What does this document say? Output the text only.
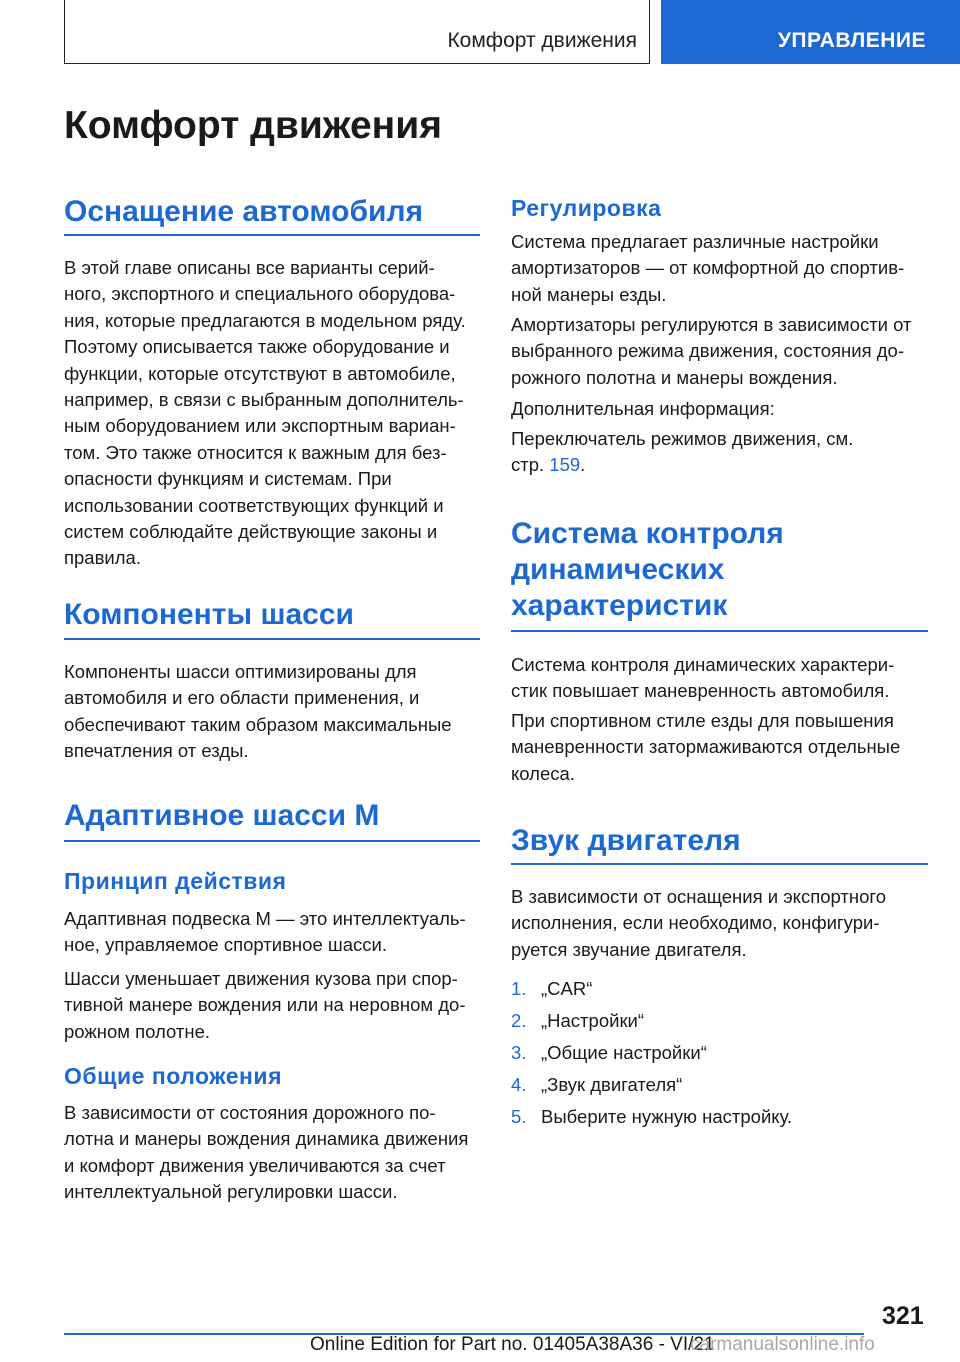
Комфорт движения	УПРАВЛЕНИЕ
Комфорт движения
Оснащение автомобиля
В этой главе описаны все варианты серий-
ного, экспортного и специального оборудова-
ния, которые предлагаются в модельном ряду.
Поэтому описывается также оборудование и
функции, которые отсутствуют в автомобиле,
например, в связи с выбранным дополнитель-
ным оборудованием или экспортным вариан-
том. Это также относится к важным для без-
опасности функциям и системам. При
использовании соответствующих функций и
систем соблюдайте действующие законы и
правила.
Компоненты шасси
Компоненты шасси оптимизированы для
автомобиля и его области применения, и
обеспечивают таким образом максимальные
впечатления от езды.
Адаптивное шасси M
Принцип действия
Адаптивная подвеска M — это интеллектуаль-
ное, управляемое спортивное шасси.
Шасси уменьшает движения кузова при спор-
тивной манере вождения или на неровном до-
рожном полотне.
Общие положения
В зависимости от состояния дорожного по-
лотна и манеры вождения динамика движения
и комфорт движения увеличиваются за счет
интеллектуальной регулировки шасси.
Регулировка
Система предлагает различные настройки
амортизаторов — от комфортной до спортив-
ной манеры езды.
Амортизаторы регулируются в зависимости от
выбранного режима движения, состояния до-
рожного полотна и манеры вождения.
Дополнительная информация:
Переключатель режимов движения, см.
стр. 159.
Система контроля
динамических
характеристик
Система контроля динамических характери-
стик повышает маневренность автомобиля.
При спортивном стиле езды для повышения
маневренности затормаживаются отдельные
колеса.
Звук двигателя
В зависимости от оснащения и экспортного
исполнения, если необходимо, конфигури-
руется звучание двигателя.
1. „CAR“
2. „Настройки“
3. „Общие настройки“
4. „Звук двигателя“
5. Выберите нужную настройку.
321
Online Edition for Part no. 01405A38A36 - VI/21
carmanualsonline.info
